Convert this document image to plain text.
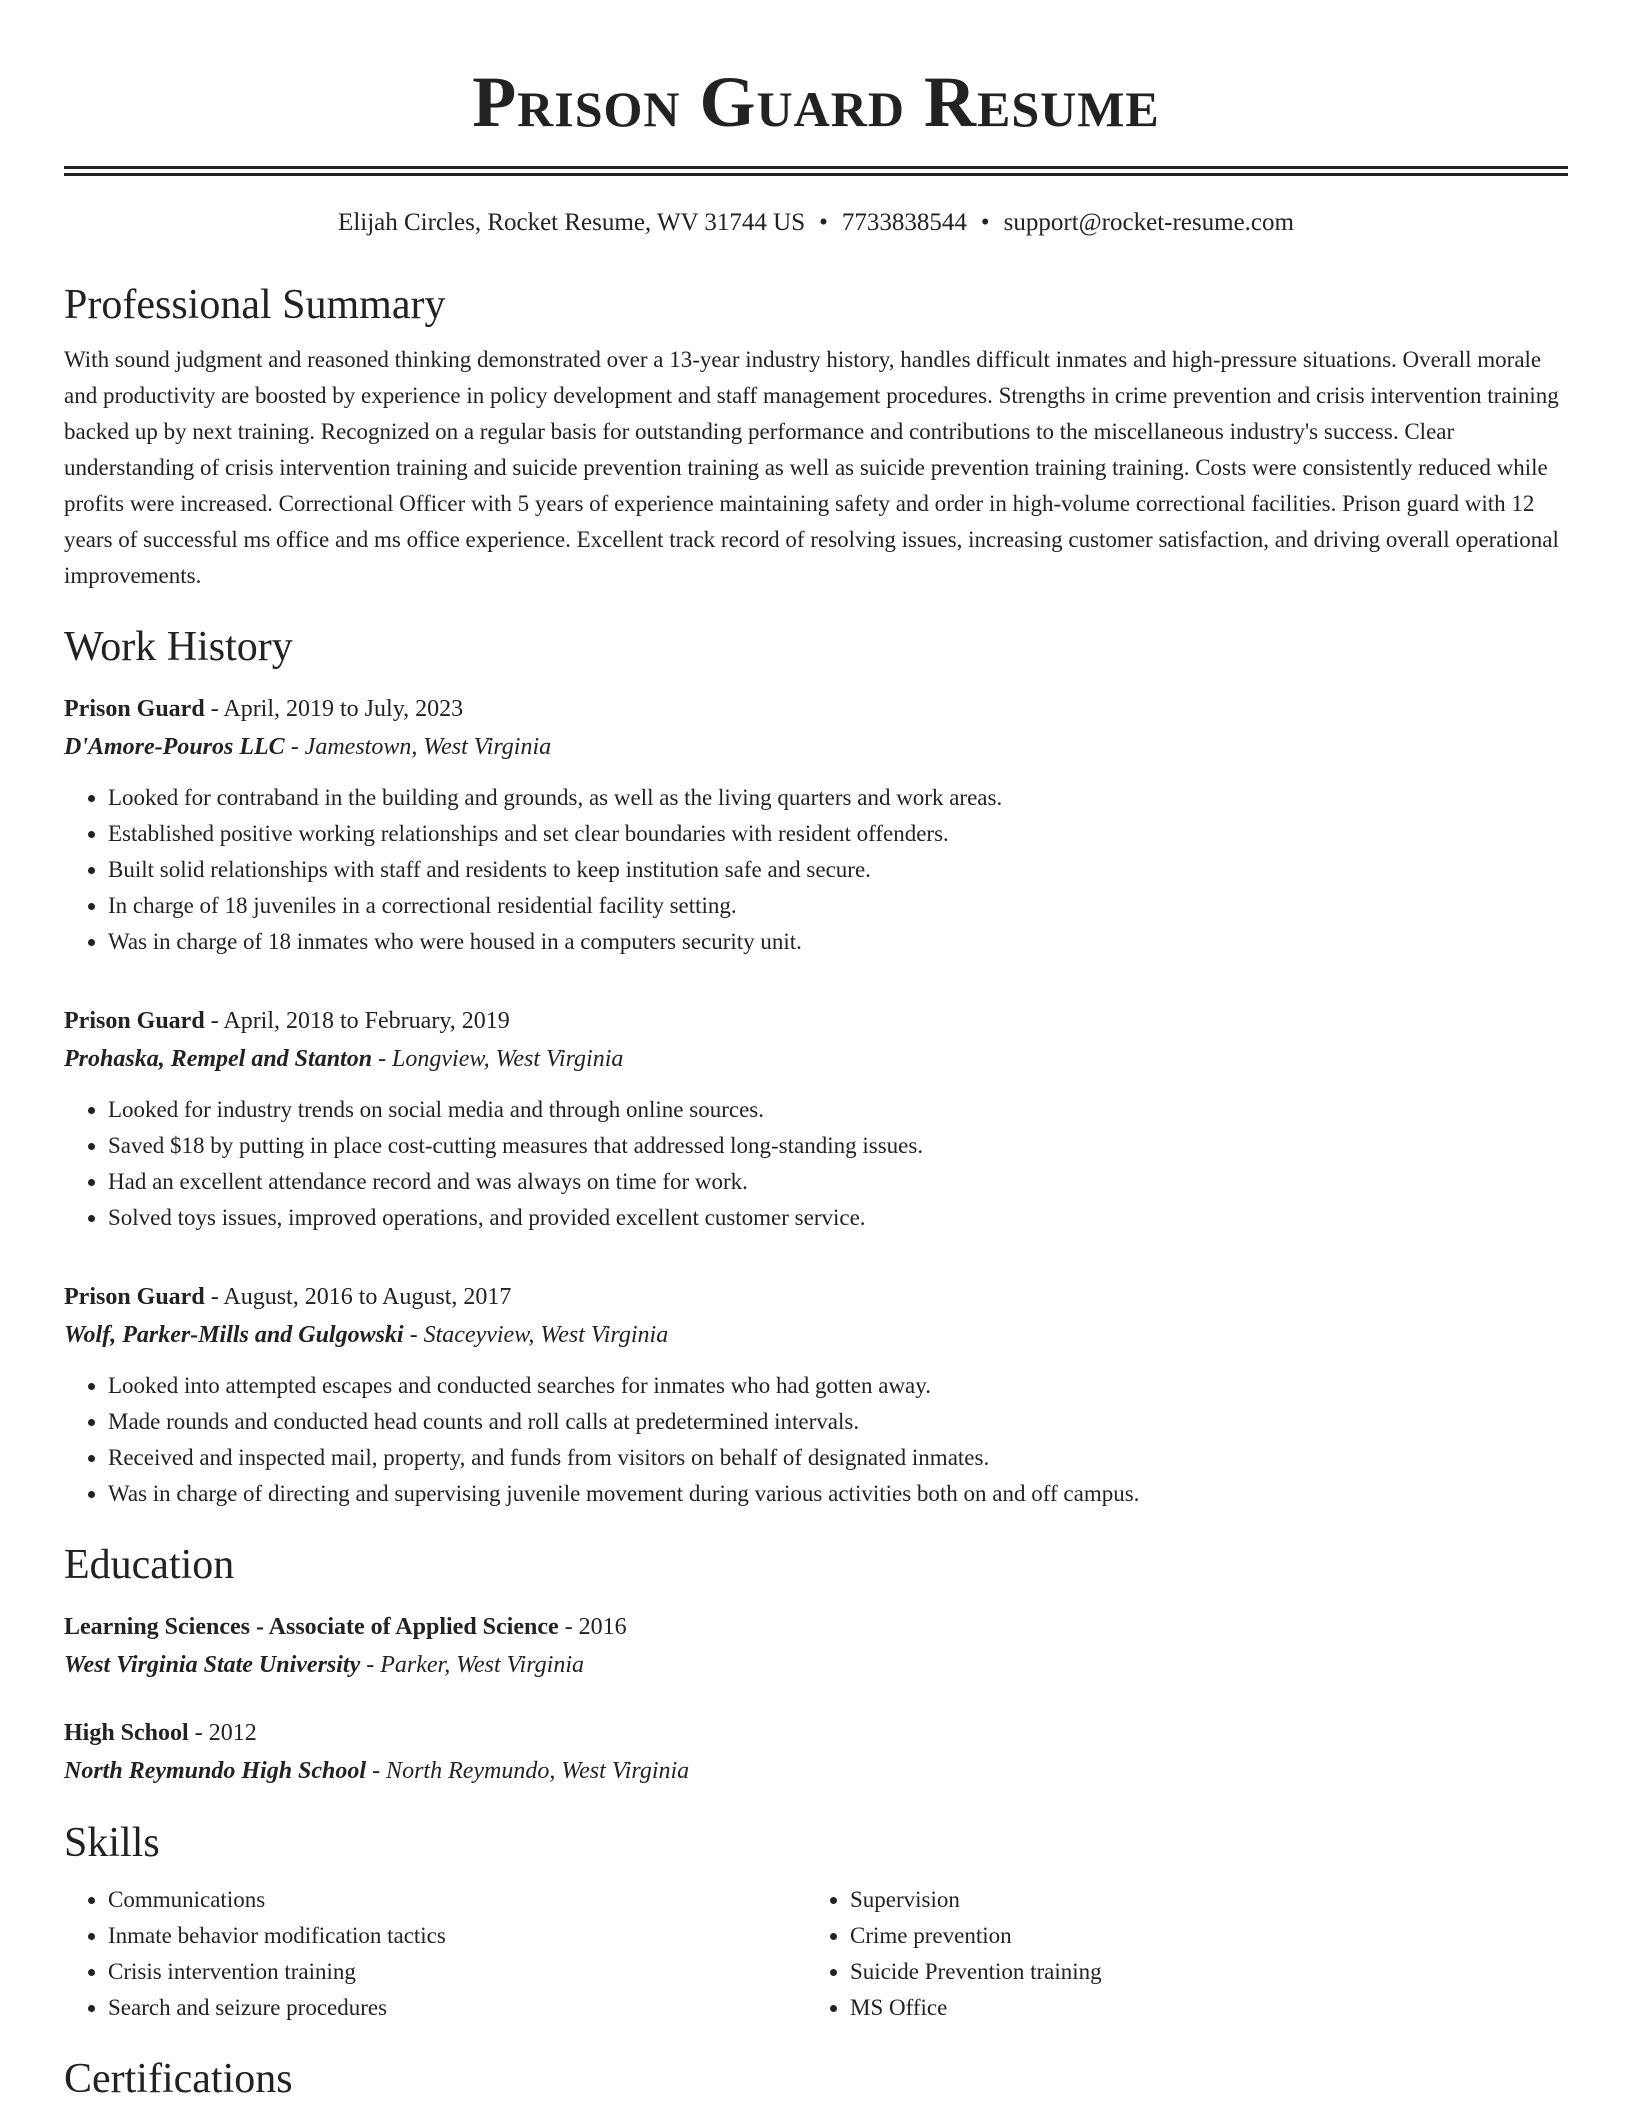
Prison Guard Resume
Elijah Circles, Rocket Resume, WV 31744 US • 7733838544 • support@rocket-resume.com
Professional Summary

With sound judgment and reasoned thinking demonstrated over a 13-year industry history, handles difficult inmates and high-pressure situations. Overall morale and productivity are boosted by experience in policy development and staff management procedures. Strengths in crime prevention and crisis intervention training backed up by next training. Recognized on a regular basis for outstanding performance and contributions to the miscellaneous industry's success. Clear understanding of crisis intervention training and suicide prevention training as well as suicide prevention training training. Costs were consistently reduced while profits were increased. Correctional Officer with 5 years of experience maintaining safety and order in high-volume correctional facilities. Prison guard with 12 years of successful ms office and ms office experience. Excellent track record of resolving issues, increasing customer satisfaction, and driving overall operational improvements.

Work History
Prison Guard - April, 2019 to July, 2023
D'Amore-Pouros LLC - Jamestown, West Virginia
• Looked for contraband in the building and grounds, as well as the living quarters and work areas.
• Established positive working relationships and set clear boundaries with resident offenders.
• Built solid relationships with staff and residents to keep institution safe and secure.
• In charge of 18 juveniles in a correctional residential facility setting.
• Was in charge of 18 inmates who were housed in a computers security unit.
Prison Guard - April, 2018 to February, 2019
Prohaska, Rempel and Stanton - Longview, West Virginia
• Looked for industry trends on social media and through online sources.
• Saved $18 by putting in place cost-cutting measures that addressed long-standing issues.
• Had an excellent attendance record and was always on time for work.
• Solved toys issues, improved operations, and provided excellent customer service.
Prison Guard - August, 2016 to August, 2017
Wolf, Parker-Mills and Gulgowski - Staceyview, West Virginia
• Looked into attempted escapes and conducted searches for inmates who had gotten away.
• Made rounds and conducted head counts and roll calls at predetermined intervals.
• Received and inspected mail, property, and funds from visitors on behalf of designated inmates.
• Was in charge of directing and supervising juvenile movement during various activities both on and off campus.
Education
Learning Sciences - Associate of Applied Science - 2016
West Virginia State University - Parker, West Virginia
High School - 2012
North Reymundo High School - North Reymundo, West Virginia
Skills
• Communications
• Inmate behavior modification tactics
• Crisis intervention training
• Search and seizure procedures
• Supervision
• Crime prevention
• Suicide Prevention training
• MS Office
Certifications
